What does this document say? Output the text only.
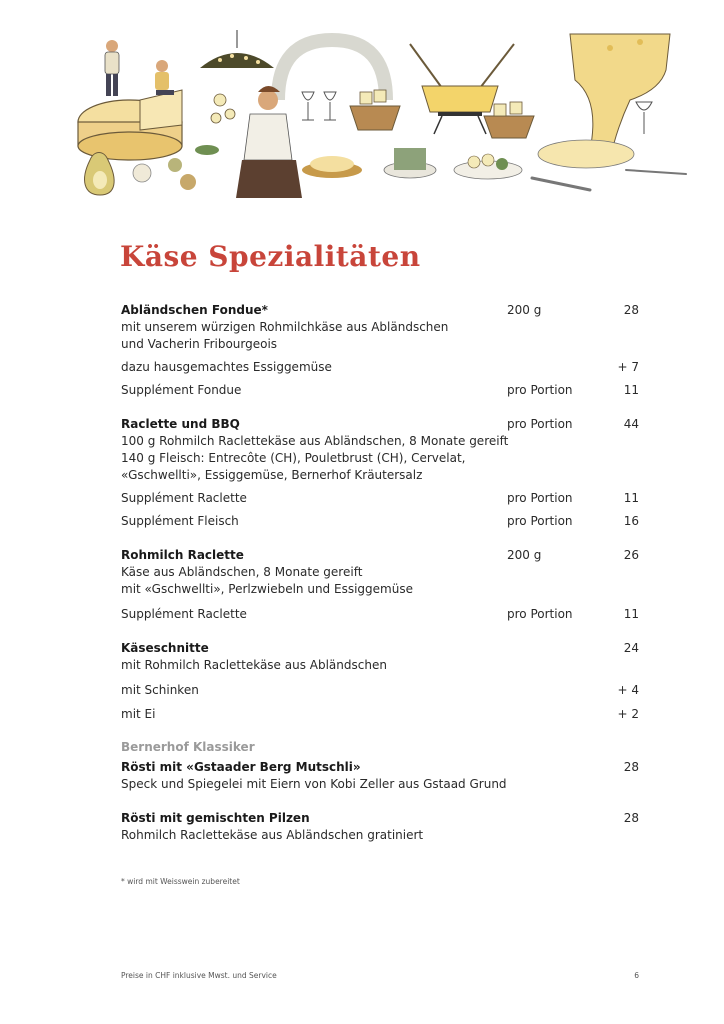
Käse Spezialitäten
Abländschen Fondue*	200 g	28
mit unserem würzigen Rohmilchkäse aus Abländschen
und Vacherin Fribourgeois
dazu hausgemachtes Essiggemüse	+ 7
Supplément Fondue	pro Portion	11
Raclette und BBQ	pro Portion	44
100 g Rohmilch Raclettekäse aus Abländschen, 8 Monate gereift
140 g Fleisch: Entrecôte (CH), Pouletbrust (CH), Cervelat,
«Gschwellti», Essiggemüse, Bernerhof Kräutersalz
Supplément Raclette	pro Portion	11
Supplément Fleisch	pro Portion	16
Rohmilch Raclette	200 g	26
Käse aus Abländschen, 8 Monate gereift
mit «Gschwellti», Perlzwiebeln und Essiggemüse
Supplément Raclette	pro Portion	11
Käseschnitte	24
mit Rohmilch Raclettekäse aus Abländschen
mit Schinken	+ 4
mit Ei	+ 2
Bernerhof Klassiker
Rösti mit «Gstaader Berg Mutschli»	28
Speck und Spiegelei mit Eiern von Kobi Zeller aus Gstaad Grund
Rösti mit gemischten Pilzen	28
Rohmilch Raclettekäse aus Abländschen gratiniert
* wird mit Weisswein zubereitet
Preise in CHF inklusive Mwst. und Service	6
